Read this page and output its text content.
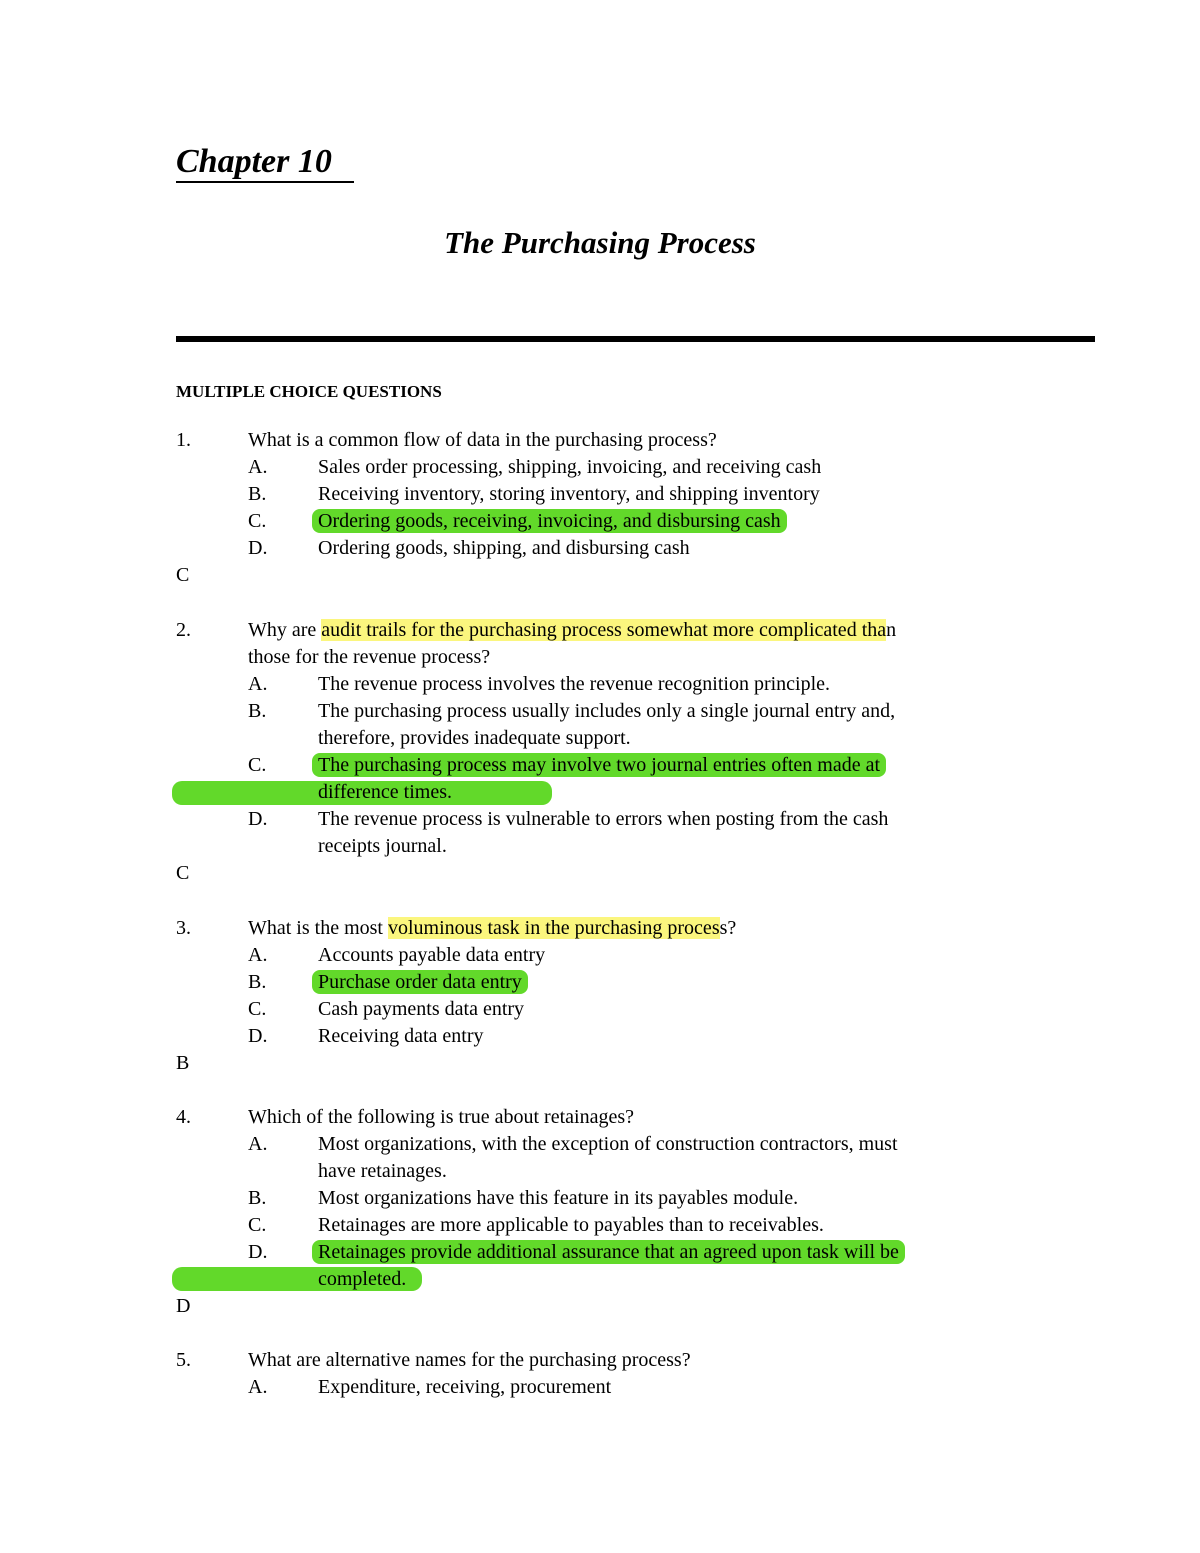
Chapter 10
The Purchasing Process
MULTIPLE CHOICE QUESTIONS
1.	What is a common flow of data in the purchasing process?
A.	Sales order processing, shipping, invoicing, and receiving cash
B.	Receiving inventory, storing inventory, and shipping inventory
C.	Ordering goods, receiving, invoicing, and disbursing cash
D.	Ordering goods, shipping, and disbursing cash
C
2.	Why are audit trails for the purchasing process somewhat more complicated than
those for the revenue process?
A.	The revenue process involves the revenue recognition principle.
B.	The purchasing process usually includes only a single journal entry and,
therefore, provides inadequate support.
C.	The purchasing process may involve two journal entries often made at
difference times.
D.	The revenue process is vulnerable to errors when posting from the cash
receipts journal.
C
3.	What is the most voluminous task in the purchasing process?
A.	Accounts payable data entry
B.	Purchase order data entry
C.	Cash payments data entry
D.	Receiving data entry
B
4.	Which of the following is true about retainages?
A.	Most organizations, with the exception of construction contractors, must
have retainages.
B.	Most organizations have this feature in its payables module.
C.	Retainages are more applicable to payables than to receivables.
D.	Retainages provide additional assurance that an agreed upon task will be
completed.
D
5.	What are alternative names for the purchasing process?
A.	Expenditure, receiving, procurement
